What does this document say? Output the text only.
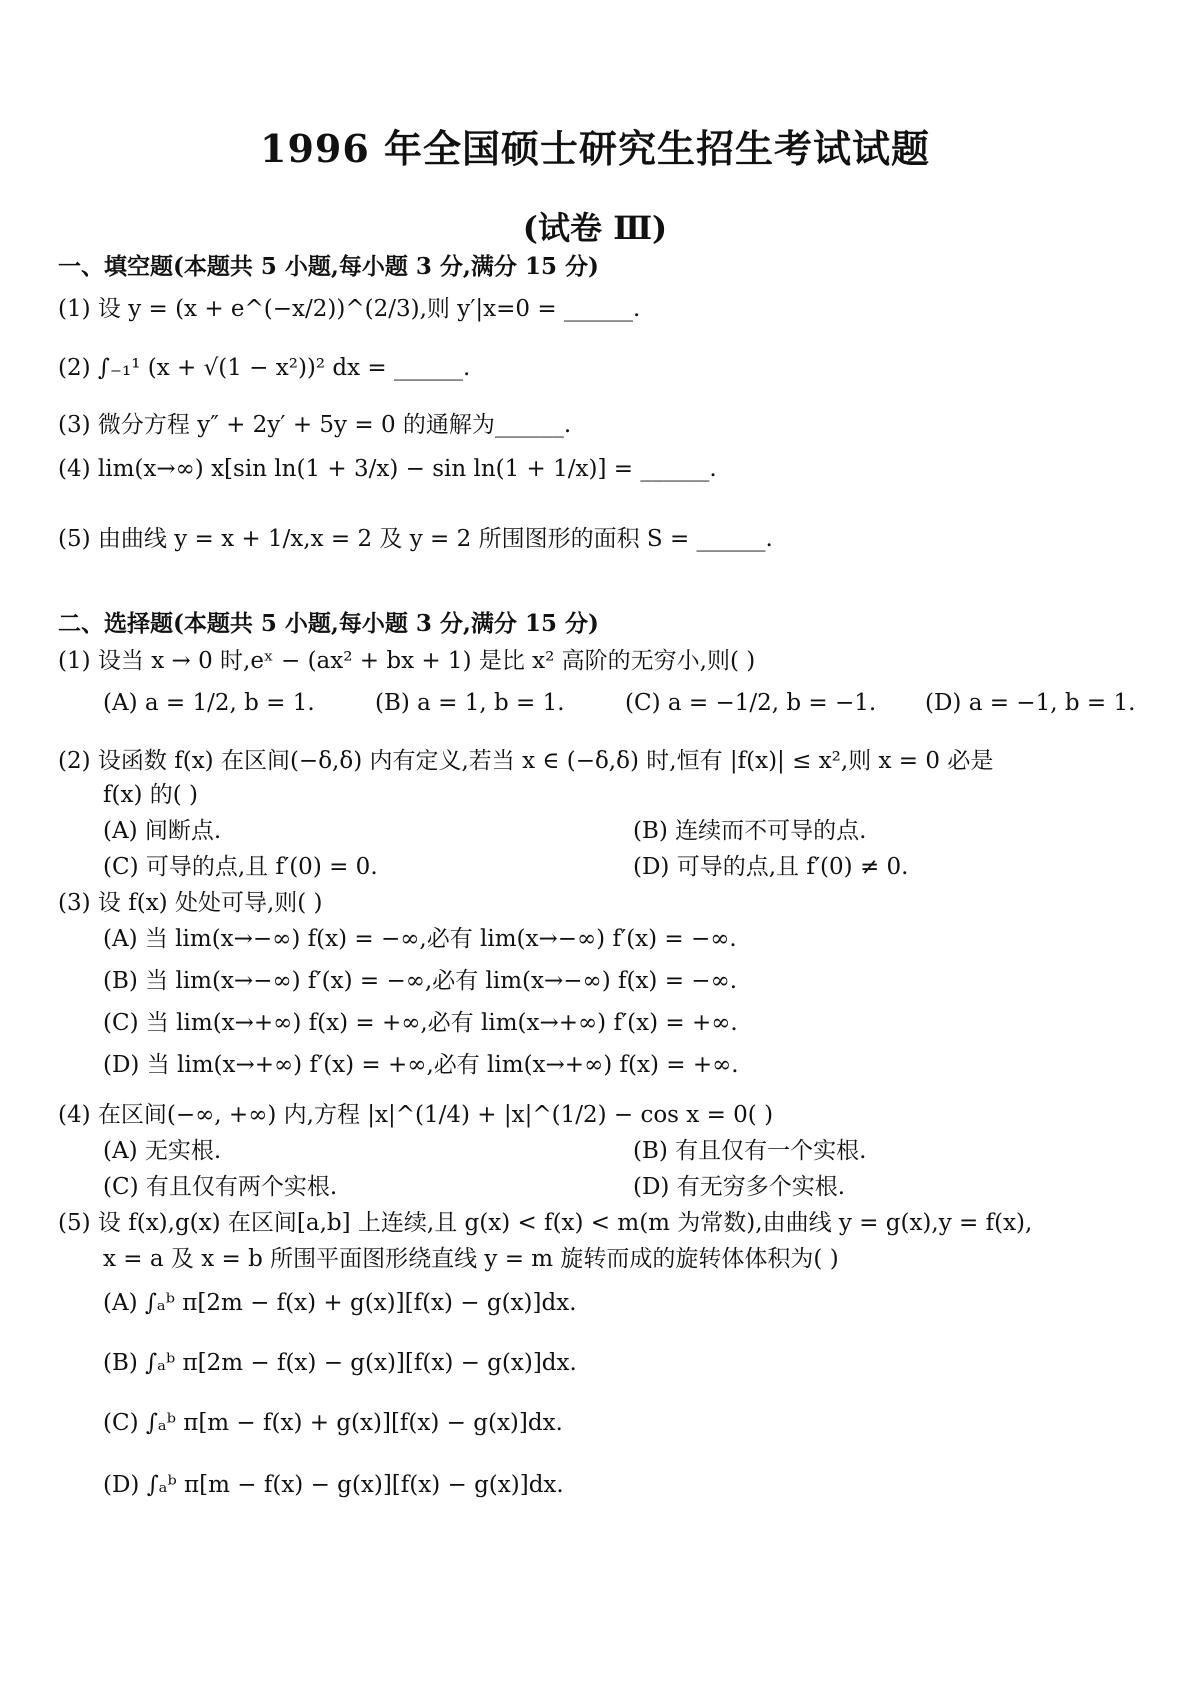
1996 年全国硕士研究生招生考试试题
(试卷 Ⅲ)
一、填空题(本题共 5 小题,每小题 3 分,满分 15 分)
(1) 设 y = (x + e^(−x/2))^(2/3),则 y′|x=0 = ______.
(2) ∫₋₁¹ (x + √(1 − x²))² dx = ______.
(3) 微分方程 y″ + 2y′ + 5y = 0 的通解为______.
(4) lim(x→∞) x[sin ln(1 + 3/x) − sin ln(1 + 1/x)] = ______.
(5) 由曲线 y = x + 1/x,x = 2 及 y = 2 所围图形的面积 S = ______.
二、选择题(本题共 5 小题,每小题 3 分,满分 15 分)
(1) 设当 x → 0 时,eˣ − (ax² + bx + 1) 是比 x² 高阶的无穷小,则( )
(A) a = 1/2, b = 1.	(B) a = 1, b = 1.	(C) a = −1/2, b = −1. (D) a = −1, b = 1.
(2) 设函数 f(x) 在区间(−δ,δ) 内有定义,若当 x ∈ (−δ,δ) 时,恒有 |f(x)| ≤ x²,则 x = 0 必是
f(x) 的( )
(A) 间断点.	(B) 连续而不可导的点.
(C) 可导的点,且 f′(0) = 0.	(D) 可导的点,且 f′(0) ≠ 0.
(3) 设 f(x) 处处可导,则( )
(A) 当 lim(x→−∞) f(x) = −∞,必有 lim(x→−∞) f′(x) = −∞.
(B) 当 lim(x→−∞) f′(x) = −∞,必有 lim(x→−∞) f(x) = −∞.
(C) 当 lim(x→+∞) f(x) = +∞,必有 lim(x→+∞) f′(x) = +∞.
(D) 当 lim(x→+∞) f′(x) = +∞,必有 lim(x→+∞) f(x) = +∞.
(4) 在区间(−∞, +∞) 内,方程 |x|^(1/4) + |x|^(1/2) − cos x = 0( )
(A) 无实根.	(B) 有且仅有一个实根.
(C) 有且仅有两个实根.	(D) 有无穷多个实根.
(5) 设 f(x),g(x) 在区间[a,b] 上连续,且 g(x) < f(x) < m(m 为常数),由曲线 y = g(x),y = f(x),
x = a 及 x = b 所围平面图形绕直线 y = m 旋转而成的旋转体体积为( )
(A) ∫ₐᵇ π[2m − f(x) + g(x)][f(x) − g(x)]dx.
(B) ∫ₐᵇ π[2m − f(x) − g(x)][f(x) − g(x)]dx.
(C) ∫ₐᵇ π[m − f(x) + g(x)][f(x) − g(x)]dx.
(D) ∫ₐᵇ π[m − f(x) − g(x)][f(x) − g(x)]dx.
